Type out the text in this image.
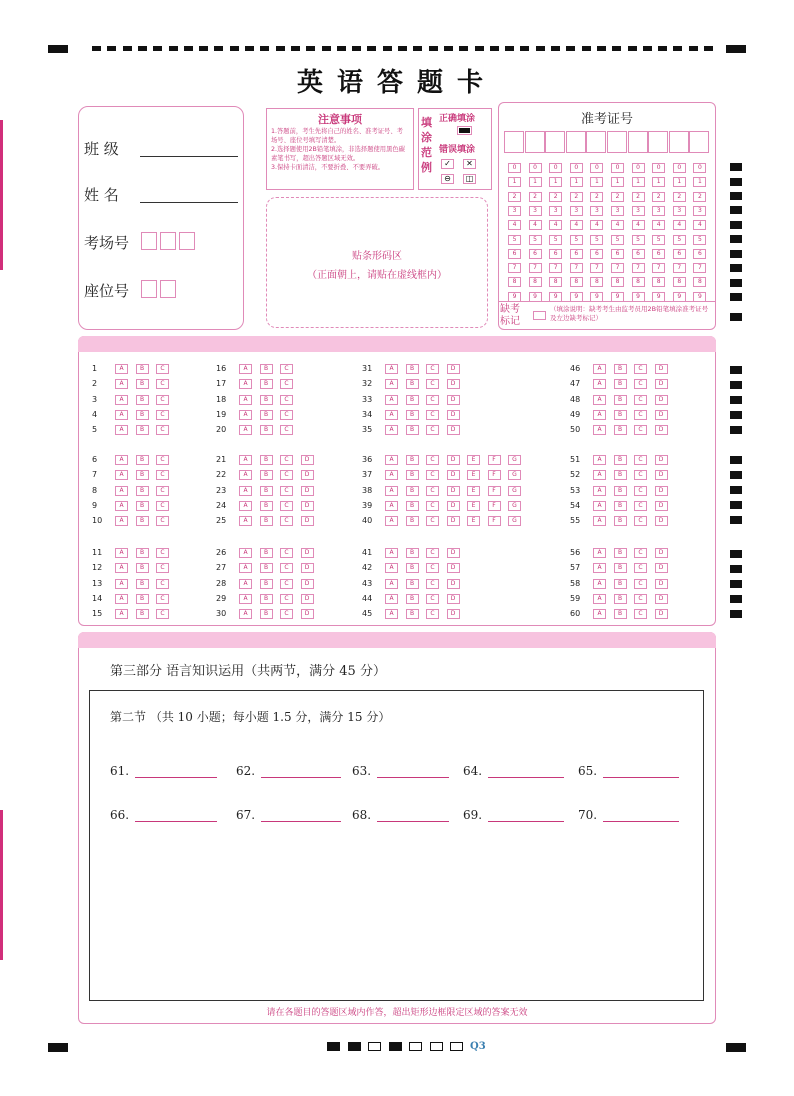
英语答题卡
班 级
姓 名
考场号
座位号
注意事项

1.答题前，考生先将自己的姓名、准考证号、考场号、座位号填写清楚。

2.选择题使用2B铅笔填涂，非选择题使用黑色碳素笔书写，超出答题区域无效。

3.保持卡面清洁，不要折叠、不要弄破。

填涂范例
正确填涂
错误填涂
✓	✕
⊖	◫
贴条形码区
（正面朝上，请贴在虚线框内）
准考证号
0	0	0	0	0	0	0	0	0	0
1	1	1	1	1	1	1	1	1	1
2	2	2	2	2	2	2	2	2	2
3	3	3	3	3	3	3	3	3	3
4	4	4	4	4	4	4	4	4	4
5	5	5	5	5	5	5	5	5	5
6	6	6	6	6	6	6	6	6	6
7	7	7	7	7	7	7	7	7	7
8	8	8	8	8	8	8	8	8	8
9	9	9	9	9	9	9	9	9	9
缺考标记
（填涂说明：缺考考生由监考员用2B铅笔填涂准考证号及左边缺考标记）
1	A	B	C
2	A	B	C
3	A	B	C
4	A	B	C
5	A	B	C
6	A	B	C
7	A	B	C
8	A	B	C
9	A	B	C
10	A	B	C
11	A	B	C
12	A	B	C
13	A	B	C
14	A	B	C
15	A	B	C
16	A	B	C
17	A	B	C
18	A	B	C
19	A	B	C
20	A	B	C
21	A	B	C	D
22	A	B	C	D
23	A	B	C	D
24	A	B	C	D
25	A	B	C	D
26	A	B	C	D
27	A	B	C	D
28	A	B	C	D
29	A	B	C	D
30	A	B	C	D
31	A	B	C	D
32	A	B	C	D
33	A	B	C	D
34	A	B	C	D
35	A	B	C	D
36	A	B	C	D	E	F	G
37	A	B	C	D	E	F	G
38	A	B	C	D	E	F	G
39	A	B	C	D	E	F	G
40	A	B	C	D	E	F	G
41	A	B	C	D
42	A	B	C	D
43	A	B	C	D
44	A	B	C	D
45	A	B	C	D
46	A	B	C	D
47	A	B	C	D
48	A	B	C	D
49	A	B	C	D
50	A	B	C	D
51	A	B	C	D
52	A	B	C	D
53	A	B	C	D
54	A	B	C	D
55	A	B	C	D
56	A	B	C	D
57	A	B	C	D
58	A	B	C	D
59	A	B	C	D
60	A	B	C	D
第三部分 语言知识运用（共两节，满分 45 分）
第二节 （共 10 小题；每小题 1.5 分，满分 15 分）
61.	62.	63.	64.	65.
66.	67.	68.	69.	70.
请在各题目的答题区域内作答，超出矩形边框限定区域的答案无效
Q3
